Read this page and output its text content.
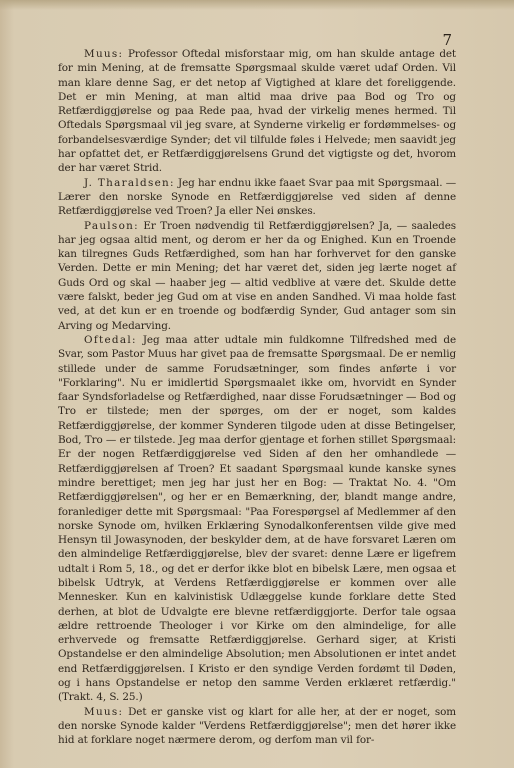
7

Muus: Professor Oftedal misforstaar mig, om han skulde antage det for min Mening, at de fremsatte Spørgsmaal skulde været udaf Orden. Vil man klare denne Sag, er det netop af Vigtighed at klare det foreliggende. Det er min Mening, at man altid maa drive paa Bod og Tro og Retfærdiggjørelse og paa Rede paa, hvad der virkelig menes hermed. Til Oftedals Spørgsmaal vil jeg svare, at Synderne virkelig er fordømmelses- og forbandelsesværdige Synder; det vil tilfulde føles i Helvede; men saavidt jeg har opfattet det, er Retfærdiggjørelsens Grund det vigtigste og det, hvorom der har været Strid.

J. Tharaldsen: Jeg har endnu ikke faaet Svar paa mit Spørgsmaal. — Lærer den norske Synode en Retfærdiggjørelse ved siden af denne Retfærdiggjørelse ved Troen? Ja eller Nei ønskes.

Paulson: Er Troen nødvendig til Retfærdiggjørelsen? Ja, — saaledes har jeg ogsaa altid ment, og derom er her da og Enighed. Kun en Troende kan tilregnes Guds Retfærdighed, som han har forhvervet for den ganske Verden. Dette er min Mening; det har været det, siden jeg lærte noget af Guds Ord og skal — haaber jeg — altid vedblive at være det. Skulde dette være falskt, beder jeg Gud om at vise en anden Sandhed. Vi maa holde fast ved, at det kun er en troende og bodfærdig Synder, Gud antager som sin Arving og Medarving.

Oftedal: Jeg maa atter udtale min fuldkomne Tilfredshed med de Svar, som Pastor Muus har givet paa de fremsatte Spørgsmaal. De er nemlig stillede under de samme Forudsætninger, som findes anførte i vor "Forklaring". Nu er imidlertid Spørgsmaalet ikke om, hvorvidt en Synder faar Syndsforladelse og Retfærdighed, naar disse Forudsætninger — Bod og Tro er tilstede; men der spørges, om der er noget, som kaldes Retfærdiggjørelse, der kommer Synderen tilgode uden at disse Betingelser, Bod, Tro — er tilstede. Jeg maa derfor gjentage et forhen stillet Spørgsmaal: Er der nogen Retfærdiggjørelse ved Siden af den her omhandlede — Retfærdiggjørelsen af Troen? Et saadant Spørgsmaal kunde kanske synes mindre berettiget; men jeg har just her en Bog: — Traktat No. 4. "Om Retfærdiggjørelsen", og her er en Bemærkning, der, blandt mange andre, foranlediger dette mit Spørgsmaal: "Paa Forespørgsel af Medlemmer af den norske Synode om, hvilken Erklæring Synodalkonferentsen vilde give med Hensyn til Jowasynoden, der beskylder dem, at de have forsvaret Læren om den almindelige Retfærdiggjørelse, blev der svaret: denne Lære er ligefrem udtalt i Rom 5, 18., og det er derfor ikke blot en bibelsk Lære, men ogsaa et bibelsk Udtryk, at Verdens Retfærdiggjørelse er kommen over alle Mennesker. Kun en kalvinistisk Udlæggelse kunde forklare dette Sted derhen, at blot de Udvalgte ere blevne retfærdiggjorte. Derfor tale ogsaa ældre rettroende Theologer i vor Kirke om den almindelige, for alle erhvervede og fremsatte Retfærdiggjørelse. Gerhard siger, at Kristi Opstandelse er den almindelige Absolution; men Absolutionen er intet andet end Retfærdiggjørelsen. I Kristo er den syndige Verden fordømt til Døden, og i hans Opstandelse er netop den samme Verden erklæret retfærdig." (Trakt. 4, S. 25.)

Muus: Det er ganske vist og klart for alle her, at der er noget, som den norske Synode kalder "Verdens Retfærdiggjørelse"; men det hører ikke hid at forklare noget nærmere derom, og derfom man vil for-
